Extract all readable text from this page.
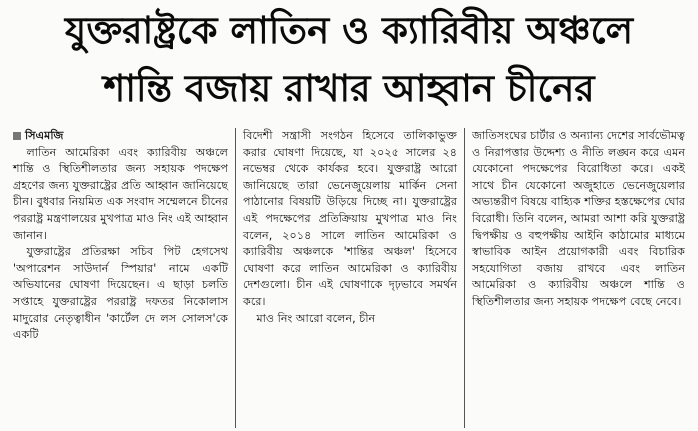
যুক্তরাষ্ট্রকে লাতিন ও ক্যারিবীয় অঞ্চলে
শান্তি বজায় রাখার আহ্বান চীনের
সিএমজি

লাতিন আমেরিকা এবং ক্যারিবীয় অঞ্চলে শান্তি ও স্থিতিশীলতার জন্য সহায়ক পদক্ষেপ গ্রহণের জন্য যুক্তরাষ্ট্রের প্রতি আহ্বান জানিয়েছে চীন। বুধবার নিয়মিত এক সংবাদ সম্মেলনে চীনের পররাষ্ট্র মন্ত্রণালয়ের মুখপাত্র মাও নিং এই আহ্বান জানান।

যুক্তরাষ্ট্রের প্রতিরক্ষা সচিব পিট হেগসেথ 'অপারেশন সাউদার্ন স্পিয়ার' নামে একটি অভিযানের ঘোষণা দিয়েছেন। এ ছাড়া চলতি সপ্তাহে যুক্তরাষ্ট্রের পররাষ্ট্র দফতর নিকোলাস মাদুরোর নেতৃত্বাধীন 'কার্টেল দে লস সোলস'কে একটি

বিদেশী সন্ত্রাসী সংগঠন হিসেবে তালিকাভুক্ত করার ঘোষণা দিয়েছে, যা ২০২৫ সালের ২৪ নভেম্বর থেকে কার্যকর হবে। যুক্তরাষ্ট্র আরো জানিয়েছে তারা ভেনেজুয়েলায় মার্কিন সেনা পাঠানোর বিষয়টি উড়িয়ে দিচ্ছে না। যুক্তরাষ্ট্রের এই পদক্ষেপের প্রতিক্রিয়ায় মুখপাত্র মাও নিং বলেন, ২০১৪ সালে লাতিন আমেরিকা ও ক্যারিবীয় অঞ্চলকে 'শান্তির অঞ্চল' হিসেবে ঘোষণা করে লাতিন আমেরিকা ও ক্যারিবীয় দেশগুলো। চীন এই ঘোষণাকে দৃঢ়ভাবে সমর্থন করে।

মাও নিং আরো বলেন, চীন

জাতিসংঘের চার্টার ও অন্যান্য দেশের সার্বভৌমত্ব ও নিরাপত্তার উদ্দেশ্য ও নীতি লঙ্ঘন করে এমন যেকোনো পদক্ষেপের বিরোধিতা করে। একই সাথে চীন যেকোনো অজুহাতে ভেনেজুয়েলার অভ্যন্তরীণ বিষয়ে বাহ্যিক শক্তির হস্তক্ষেপের ঘোর বিরোধী। তিনি বলেন, আমরা আশা করি যুক্তরাষ্ট্র দ্বিপক্ষীয় ও বহুপক্ষীয় আইনি কাঠামোর মাধ্যমে স্বাভাবিক আইন প্রয়োগকারী এবং বিচারিক সহযোগিতা বজায় রাখবে এবং লাতিন আমেরিকা ও ক্যারিবীয় অঞ্চলে শান্তি ও স্থিতিশীলতার জন্য সহায়ক পদক্ষেপ বেছে নেবে।
